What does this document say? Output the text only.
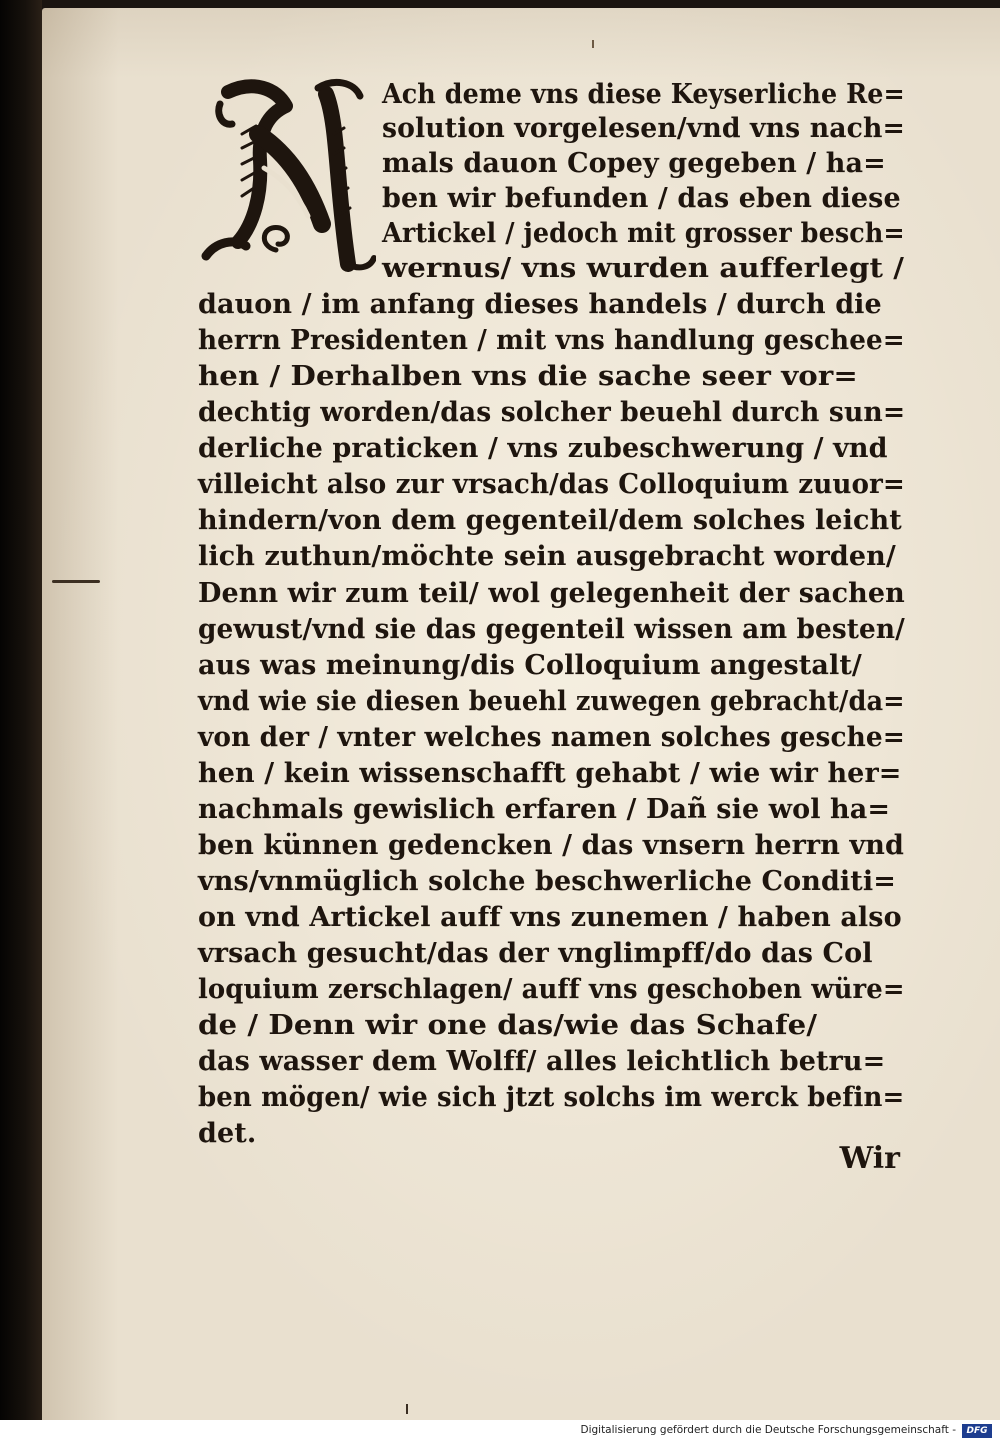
Ach deme vns diese Keyserliche Re=

solution vorgelesen/vnd vns nach=

mals dauon Copey gegeben / ha=

ben wir befunden / das eben diese

Artickel / jedoch mit grosser besch=

wernus/ vns wurden aufferlegt /

dauon / im anfang dieses handels / durch die

herrn Presidenten / mit vns handlung geschee=

hen / Derhalben vns die sache seer vor=

dechtig worden/das solcher beuehl durch sun=

derliche praticken / vns zubeschwerung / vnd

villeicht also zur vrsach/das Colloquium zuuor=

hindern/von dem gegenteil/dem solches leicht

lich zuthun/möchte sein ausgebracht worden/

Denn wir zum teil/ wol gelegenheit der sachen

gewust/vnd sie das gegenteil wissen am besten/

aus was meinung/dis Colloquium angestalt/

vnd wie sie diesen beuehl zuwegen gebracht/da=

von der / vnter welches namen solches gesche=

hen / kein wissenschafft gehabt / wie wir her=

nachmals gewislich erfaren / Dañ sie wol ha=

ben künnen gedencken / das vnsern herrn vnd

vns/vnmüglich solche beschwerliche Conditi=

on vnd Artickel auff vns zunemen / haben also

vrsach gesucht/das der vnglimpff/do das Col

loquium zerschlagen/ auff vns geschoben würe=

de / Denn wir one das/wie das Schafe/

das wasser dem Wolff/ alles leichtlich betru=

ben mögen/ wie sich jtzt solchs im werck befin=

det.

Wir
Digitalisierung gefördert durch die Deutsche Forschungsgemeinschaft -	DFG
